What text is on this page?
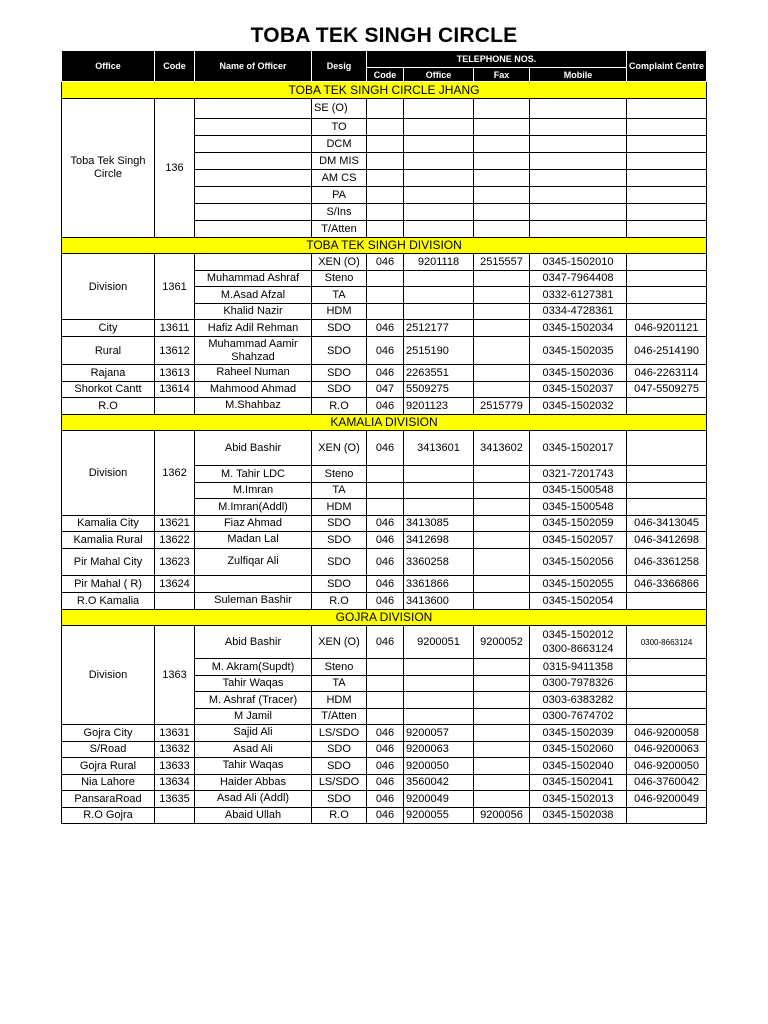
TOBA TEK SINGH CIRCLE
Office	Code	Name of Officer	Desig	TELEPHONE NOS.				Complaint Centre
				Code	Office	Fax	Mobile	
TOBA TEK SINGH CIRCLE JHANG								
Toba Tek Singh Circle	136		SE (O)					
			TO					
			DCM					
			DM MIS					
			AM CS					
			PA					
			S/Ins					
			T/Atten					
TOBA TEK SINGH DIVISION								
Division	1361		XEN (O)	046	9201118	2515557	0345-1502010	
		Muhammad Ashraf	Steno				0347-7964408	
		M.Asad Afzal	TA				0332-6127381	
		Khalid Nazir	HDM				0334-4728361	
City	13611	Hafiz Adil Rehman	SDO	046	2512177		0345-1502034	046-9201121
Rural	13612	Muhammad Aamir Shahzad	SDO	046	2515190		0345-1502035	046-2514190
Rajana	13613	Raheel Numan	SDO	046	2263551		0345-1502036	046-2263114
Shorkot Cantt	13614	Mahmood Ahmad	SDO	047	5509275		0345-1502037	047-5509275
R.O		M.Shahbaz	R.O	046	9201123	2515779	0345-1502032	
KAMALIA DIVISION								
Division	1362	Abid Bashir	XEN (O)	046	3413601	3413602	0345-1502017	
		M. Tahir LDC	Steno				0321-7201743	
		M.Imran	TA				0345-1500548	
		M.Imran(Addl)	HDM				0345-1500548	
Kamalia City	13621	Fiaz Ahmad	SDO	046	3413085		0345-1502059	046-3413045
Kamalia Rural	13622	Madan Lal	SDO	046	3412698		0345-1502057	046-3412698
Pir Mahal City	13623	Zulfiqar Ali	SDO	046	3360258		0345-1502056	046-3361258
Pir Mahal ( R)	13624		SDO	046	3361866		0345-1502055	046-3366866
R.O Kamalia		Suleman Bashir	R.O	046	3413600		0345-1502054	
GOJRA DIVISION								
Division	1363	Abid Bashir	XEN (O)	046	9200051	9200052	0345-1502012
0300-8663124	0300-8663124
		M. Akram(Supdt)	Steno				0315-9411358	
		Tahir Waqas	TA				0300-7978326	
		M. Ashraf (Tracer)	HDM				0303-6383282	
		M Jamil	T/Atten				0300-7674702	
Gojra City	13631	Sajid Ali	LS/SDO	046	9200057		0345-1502039	046-9200058
S/Road	13632	Asad Ali	SDO	046	9200063		0345-1502060	046-9200063
Gojra Rural	13633	Tahir Waqas	SDO	046	9200050		0345-1502040	046-9200050
Nia Lahore	13634	Haider Abbas	LS/SDO	046	3560042		0345-1502041	046-3760042
PansaraRoad	13635	Asad Ali (Addl)	SDO	046	9200049		0345-1502013	046-9200049
R.O Gojra		Abaid Ullah	R.O	046	9200055	9200056	0345-1502038	
